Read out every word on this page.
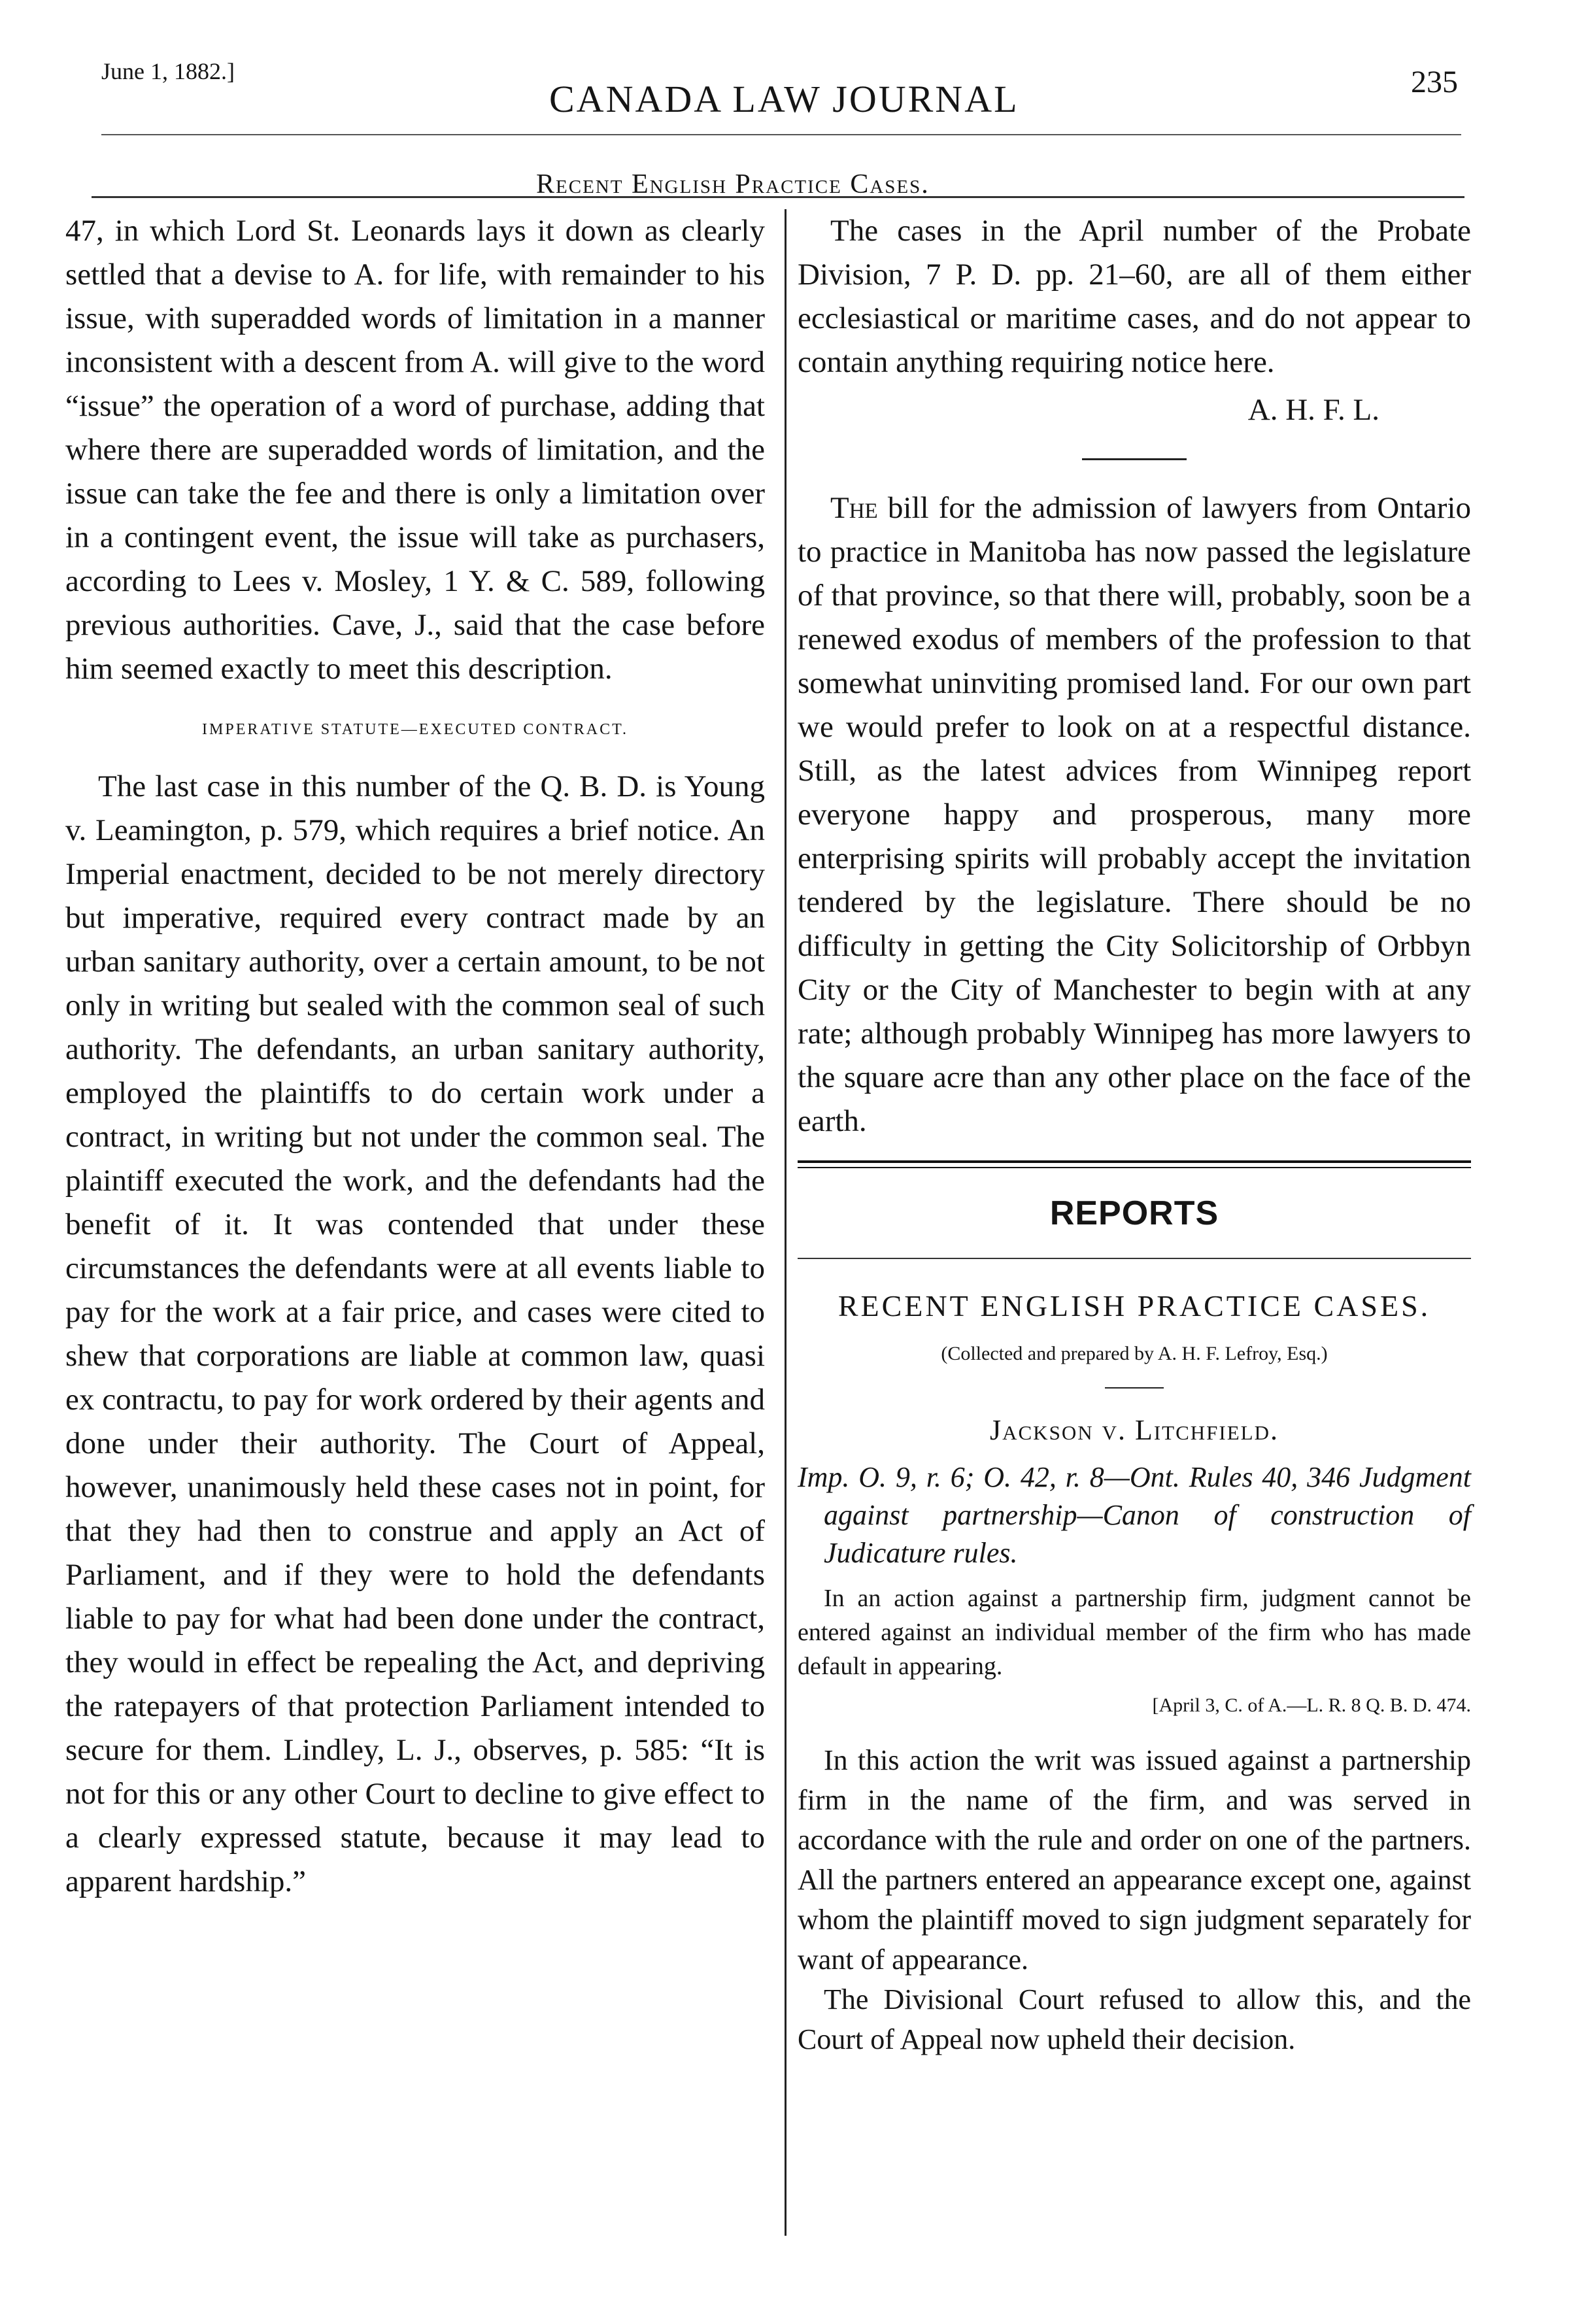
June 1, 1882.]
CANADA LAW JOURNAL	235
Recent English Practice Cases.

47, in which Lord St. Leonards lays it down as clearly settled that a devise to A. for life, with remainder to his issue, with superadded words of limitation in a manner inconsistent with a descent from A. will give to the word “issue” the operation of a word of purchase, adding that where there are superadded words of limitation, and the issue can take the fee and there is only a limitation over in a contingent event, the issue will take as purchasers, according to Lees v. Mosley, 1 Y. & C. 589, following previous authorities. Cave, J., said that the case before him seemed exactly to meet this description.

IMPERATIVE STATUTE—EXECUTED CONTRACT.

The last case in this number of the Q. B. D. is Young v. Leamington, p. 579, which requires a brief notice. An Imperial enactment, decided to be not merely directory but imperative, required every contract made by an urban sanitary authority, over a certain amount, to be not only in writing but sealed with the common seal of such authority. The defendants, an urban sanitary authority, employed the plaintiffs to do certain work under a contract, in writing but not under the common seal. The plaintiff executed the work, and the defendants had the benefit of it. It was contended that under these circumstances the defendants were at all events liable to pay for the work at a fair price, and cases were cited to shew that corporations are liable at common law, quasi ex contractu, to pay for work ordered by their agents and done under their authority. The Court of Appeal, however, unanimously held these cases not in point, for that they had then to construe and apply an Act of Parliament, and if they were to hold the defendants liable to pay for what had been done under the contract, they would in effect be repealing the Act, and depriving the ratepayers of that protection Parliament intended to secure for them. Lindley, L. J., observes, p. 585: “It is not for this or any other Court to decline to give effect to a clearly expressed statute, because it may lead to apparent hardship.”

The cases in the April number of the Probate Division, 7 P. D. pp. 21–60, are all of them either ecclesiastical or maritime cases, and do not appear to contain anything requiring notice here.

A. H. F. L.

The bill for the admission of lawyers from Ontario to practice in Manitoba has now passed the legislature of that province, so that there will, probably, soon be a renewed exodus of members of the profession to that somewhat uninviting promised land. For our own part we would prefer to look on at a respectful distance. Still, as the latest advices from Winnipeg report everyone happy and prosperous, many more enterprising spirits will probably accept the invitation tendered by the legislature. There should be no difficulty in getting the City Solicitorship of Orbbyn City or the City of Manchester to begin with at any rate; although probably Winnipeg has more lawyers to the square acre than any other place on the face of the earth.

REPORTS

RECENT ENGLISH PRACTICE CASES.

(Collected and prepared by A. H. F. Lefroy, Esq.)

Jackson v. Litchfield.

Imp. O. 9, r. 6; O. 42, r. 8—Ont. Rules 40, 346 Judgment against partnership—Canon of construction of Judicature rules.

In an action against a partnership firm, judgment cannot be entered against an individual member of the firm who has made default in appearing.

[April 3, C. of A.—L. R. 8 Q. B. D. 474.

In this action the writ was issued against a partnership firm in the name of the firm, and was served in accordance with the rule and order on one of the partners. All the partners entered an appearance except one, against whom the plaintiff moved to sign judgment separately for want of appearance.

The Divisional Court refused to allow this, and the Court of Appeal now upheld their decision.
